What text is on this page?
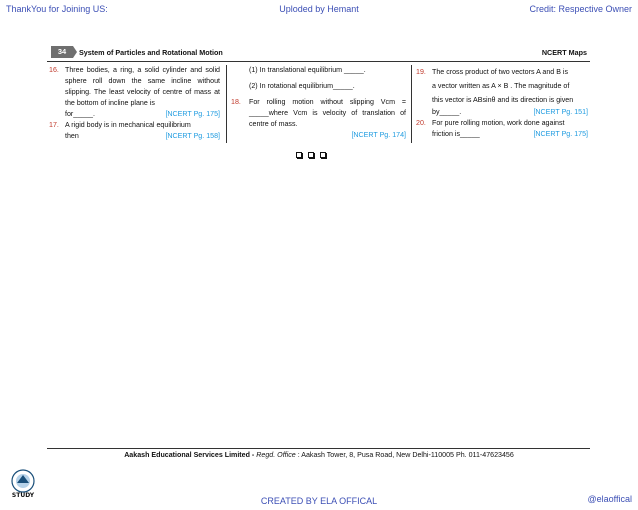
ThankYou for Joining US:	Uploded by Hemant	Credit: Respective Owner
34	System of Particles and Rotational Motion	NCERT Maps
16. Three bodies, a ring, a solid cylinder and solid sphere roll down the same incline without slipping. The least velocity of centre of mass at the bottom of incline plane is
for_____.	[NCERT Pg. 175]
17. A rigid body is in mechanical equilibrium
then	[NCERT Pg. 158]
(1) In translational equilibrium _____.
(2) In rotational equilibrium_____.
18. For rolling motion without slipping Vcm = _____where Vcm is velocity of translation of centre of mass.
[NCERT Pg. 174]
19. The cross product of two vectors A and B is
a vector written as A × B . The magnitude of
this vector is ABsinθ and its direction is given
by_____.	[NCERT Pg. 151]
20. For pure rolling motion, work done against
friction is_____	[NCERT Pg. 175]
Aakash Educational Services Limited - Regd. Office : Aakash Tower, 8, Pusa Road, New Delhi-110005 Ph. 011-47623456
STUDY
CREATED BY ELA OFFICAL	@elaoffical
